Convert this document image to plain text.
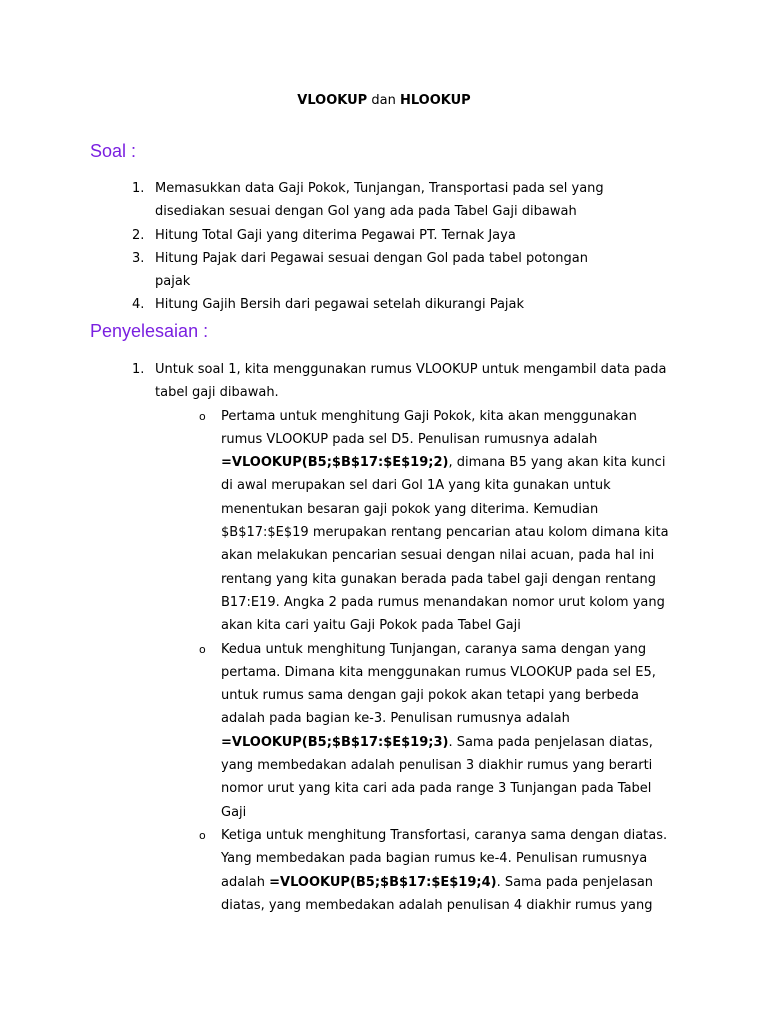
VLOOKUP dan HLOOKUP
Soal :
1. Memasukkan data Gaji Pokok, Tunjangan, Transportasi pada sel yang disediakan sesuai dengan Gol yang ada pada Tabel Gaji dibawah
2. Hitung Total Gaji yang diterima Pegawai PT. Ternak Jaya
3. Hitung Pajak dari Pegawai sesuai dengan Gol pada tabel potongan pajak
4. Hitung Gajih Bersih dari pegawai setelah dikurangi Pajak
Penyelesaian :
1. Untuk soal 1, kita menggunakan rumus VLOOKUP untuk mengambil data pada tabel gaji dibawah.
o Pertama untuk menghitung Gaji Pokok, kita akan menggunakan rumus VLOOKUP pada sel D5. Penulisan rumusnya adalah =VLOOKUP(B5;$B$17:$E$19;2), dimana B5 yang akan kita kunci di awal merupakan sel dari Gol 1A yang kita gunakan untuk menentukan besaran gaji pokok yang diterima. Kemudian $B$17:$E$19 merupakan rentang pencarian atau kolom dimana kita akan melakukan pencarian sesuai dengan nilai acuan, pada hal ini rentang yang kita gunakan berada pada tabel gaji dengan rentang B17:E19. Angka 2 pada rumus menandakan nomor urut kolom yang akan kita cari yaitu Gaji Pokok pada Tabel Gaji
o Kedua untuk menghitung Tunjangan, caranya sama dengan yang pertama. Dimana kita menggunakan rumus VLOOKUP pada sel E5, untuk rumus sama dengan gaji pokok akan tetapi yang berbeda adalah pada bagian ke-3. Penulisan rumusnya adalah =VLOOKUP(B5;$B$17:$E$19;3). Sama pada penjelasan diatas, yang membedakan adalah penulisan 3 diakhir rumus yang berarti nomor urut yang kita cari ada pada range 3 Tunjangan pada Tabel Gaji
o Ketiga untuk menghitung Transfortasi, caranya sama dengan diatas. Yang membedakan pada bagian rumus ke-4. Penulisan rumusnya adalah =VLOOKUP(B5;$B$17:$E$19;4). Sama pada penjelasan diatas, yang membedakan adalah penulisan 4 diakhir rumus yang
